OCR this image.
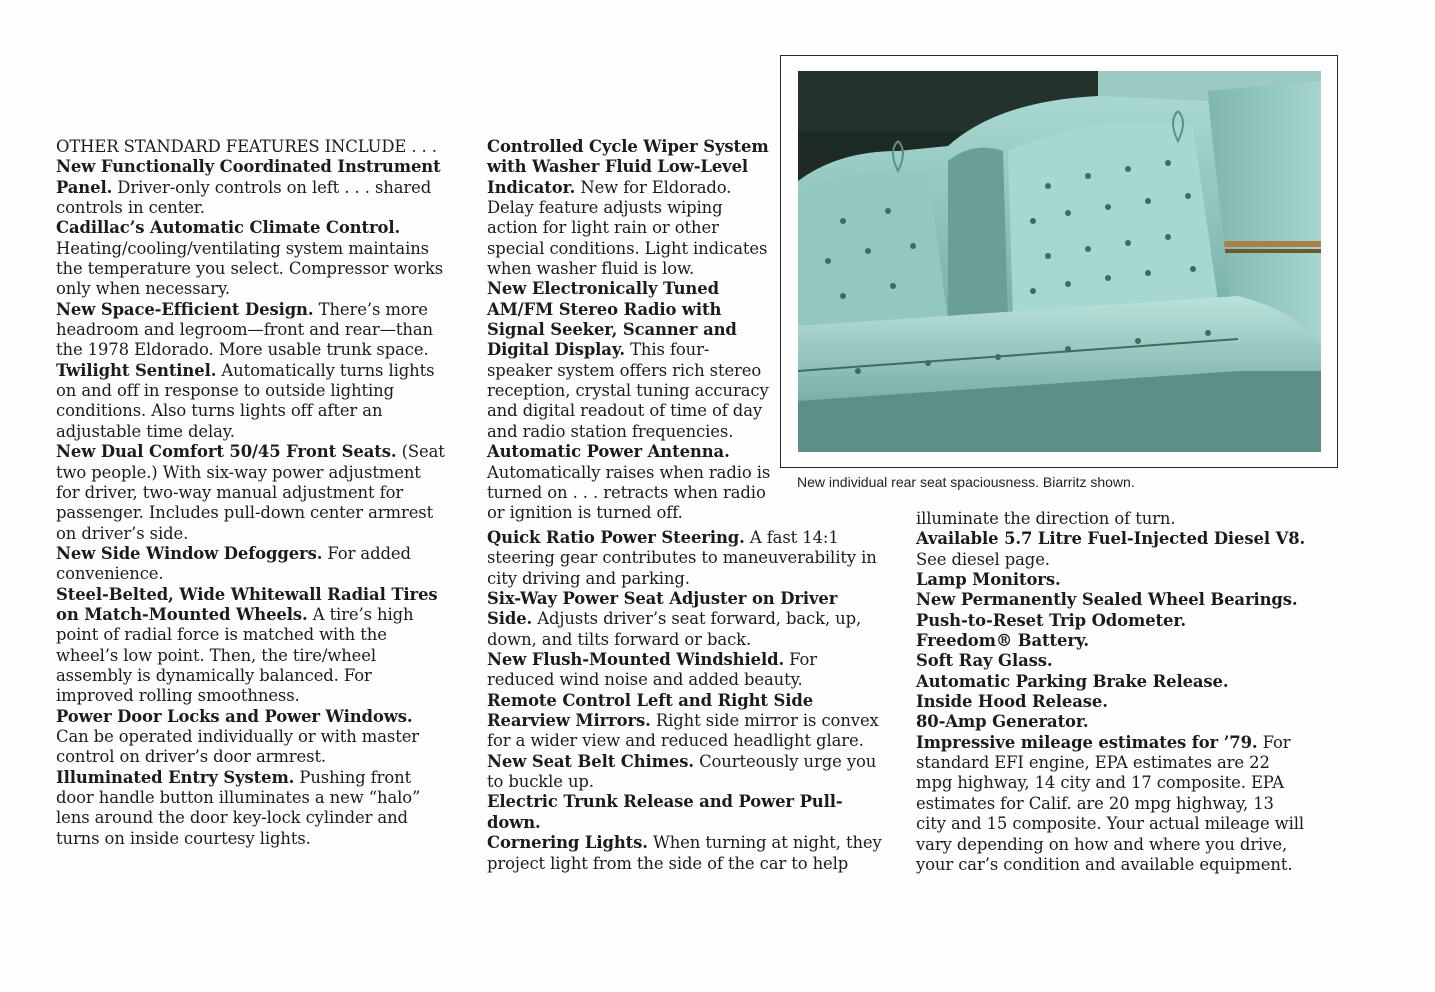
OTHER STANDARD FEATURES INCLUDE . . .
New Functionally Coordinated Instrument Panel. Driver-only controls on left . . . shared controls in center.
Cadillac’s Automatic Climate Control. Heating/cooling/ventilating system maintains the temperature you select. Compressor works only when necessary.
New Space-Efficient Design. There’s more headroom and legroom—front and rear—than the 1978 Eldorado. More usable trunk space.
Twilight Sentinel. Automatically turns lights on and off in response to outside lighting conditions. Also turns lights off after an adjustable time delay.
New Dual Comfort 50/45 Front Seats. (Seat two people.) With six-way power adjustment for driver, two-way manual adjustment for passenger. Includes pull-down center armrest on driver’s side.
New Side Window Defoggers. For added convenience.
Steel-Belted, Wide Whitewall Radial Tires on Match-Mounted Wheels. A tire’s high point of radial force is matched with the wheel’s low point. Then, the tire/wheel assembly is dynamically balanced. For improved rolling smoothness.
Power Door Locks and Power Windows. Can be operated individually or with master control on driver’s door armrest.
Illuminated Entry System. Pushing front door handle button illuminates a new “halo” lens around the door key-lock cylinder and turns on inside courtesy lights.
Controlled Cycle Wiper System with Washer Fluid Low-Level Indicator. New for Eldorado. Delay feature adjusts wiping action for light rain or other special conditions. Light indicates when washer fluid is low.
New Electronically Tuned AM/FM Stereo Radio with Signal Seeker, Scanner and Digital Display. This four-speaker system offers rich stereo reception, crystal tuning accuracy and digital readout of time of day and radio station frequencies.
Automatic Power Antenna. Automatically raises when radio is turned on . . . retracts when radio or ignition is turned off.
Quick Ratio Power Steering. A fast 14:1 steering gear contributes to maneuverability in city driving and parking.
Six-Way Power Seat Adjuster on Driver Side. Adjusts driver’s seat forward, back, up, down, and tilts forward or back.
New Flush-Mounted Windshield. For reduced wind noise and added beauty.
Remote Control Left and Right Side Rearview Mirrors. Right side mirror is convex for a wider view and reduced headlight glare.
New Seat Belt Chimes. Courteously urge you to buckle up.
Electric Trunk Release and Power Pull-down.
Cornering Lights. When turning at night, they project light from the side of the car to help
illuminate the direction of turn.
Available 5.7 Litre Fuel-Injected Diesel V8. See diesel page.
Lamp Monitors.
New Permanently Sealed Wheel Bearings.
Push-to-Reset Trip Odometer.
Freedom® Battery.
Soft Ray Glass.
Automatic Parking Brake Release.
Inside Hood Release.
80-Amp Generator.
Impressive mileage estimates for ’79. For standard EFI engine, EPA estimates are 22 mpg highway, 14 city and 17 composite. EPA estimates for Calif. are 20 mpg highway, 13 city and 15 composite. Your actual mileage will vary depending on how and where you drive, your car’s condition and available equipment.
New individual rear seat spaciousness. Biarritz shown.
